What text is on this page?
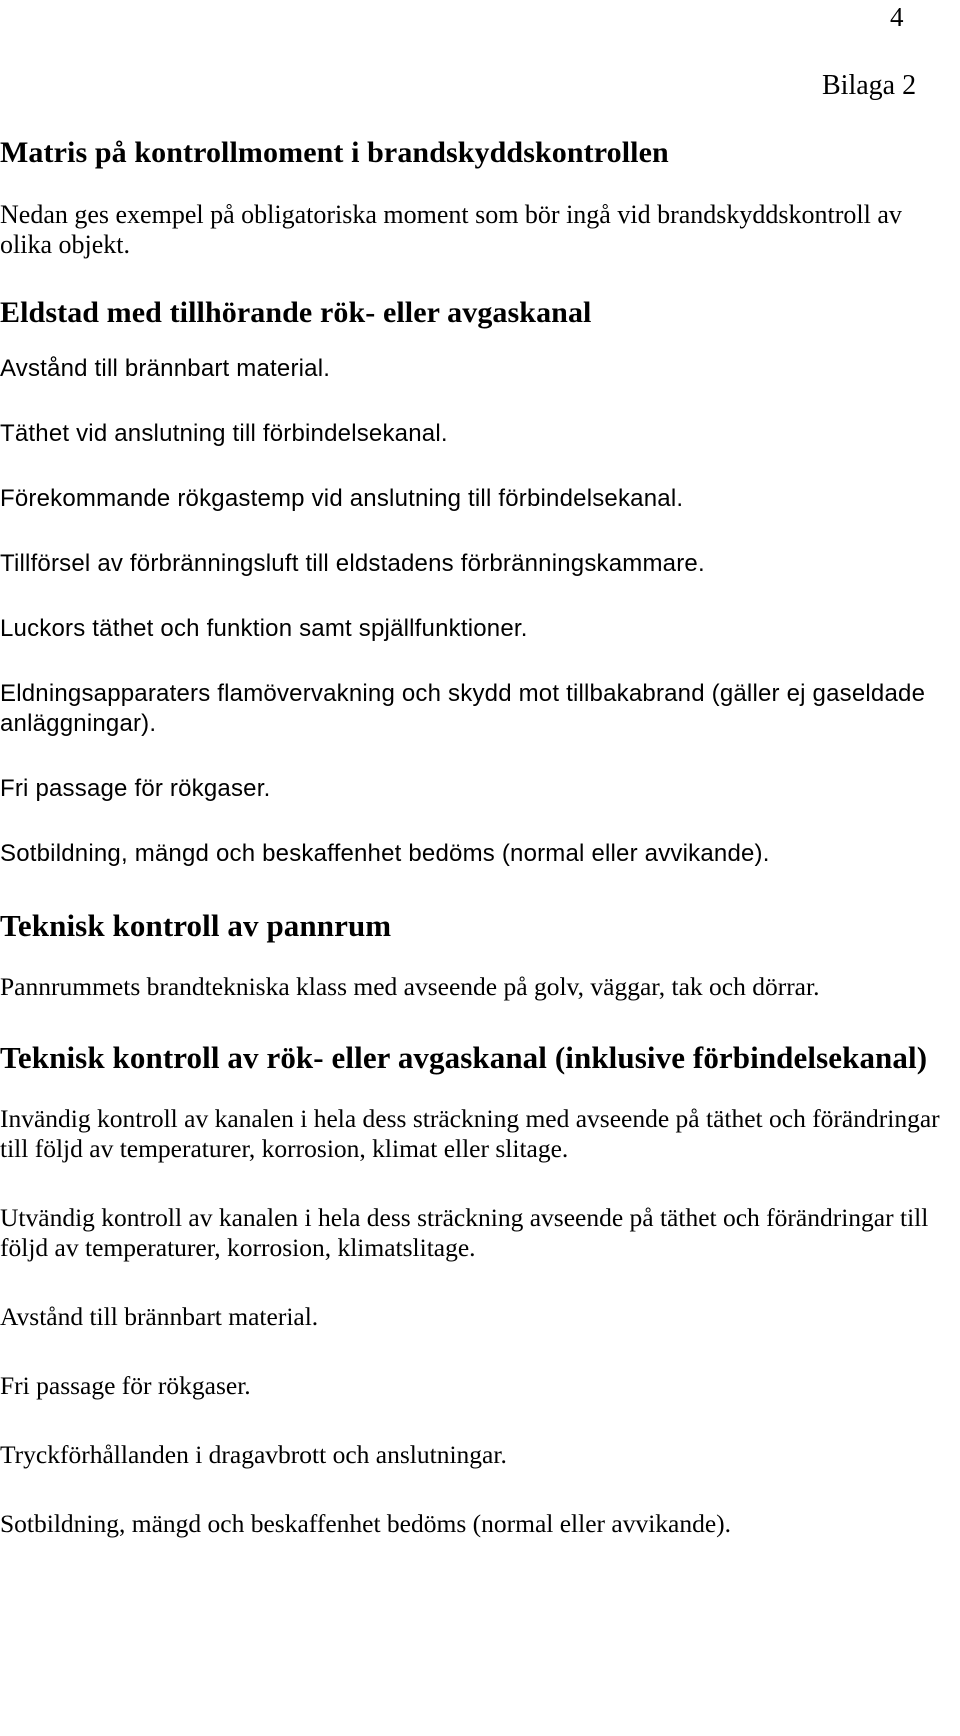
4
Bilaga 2
Matris på kontrollmoment i brandskyddskontrollen

Nedan ges exempel på obligatoriska moment som bör ingå vid brandskyddskontroll av olika objekt.

Eldstad med tillhörande rök- eller avgaskanal
Avstånd till brännbart material.
Täthet vid anslutning till förbindelsekanal.
Förekommande rökgastemp vid anslutning till förbindelsekanal.
Tillförsel av förbränningsluft till eldstadens förbränningskammare.
Luckors täthet och funktion samt spjällfunktioner.
Eldningsapparaters flamövervakning och skydd mot tillbakabrand (gäller ej gaseldade anläggningar).
Fri passage för rökgaser.
Sotbildning, mängd och beskaffenhet bedöms (normal eller avvikande).
Teknisk kontroll av pannrum
Pannrummets brandtekniska klass med avseende på golv, väggar, tak och dörrar.
Teknisk kontroll av rök- eller avgaskanal (inklusive förbindelsekanal)
Invändig kontroll av kanalen i hela dess sträckning med avseende på täthet och förändringar till följd av temperaturer, korrosion, klimat eller slitage.
Utvändig kontroll av kanalen i hela dess sträckning avseende på täthet och förändringar till följd av temperaturer, korrosion, klimatslitage.
Avstånd till brännbart material.
Fri passage för rökgaser.
Tryckförhållanden i dragavbrott och anslutningar.
Sotbildning, mängd och beskaffenhet bedöms (normal eller avvikande).
